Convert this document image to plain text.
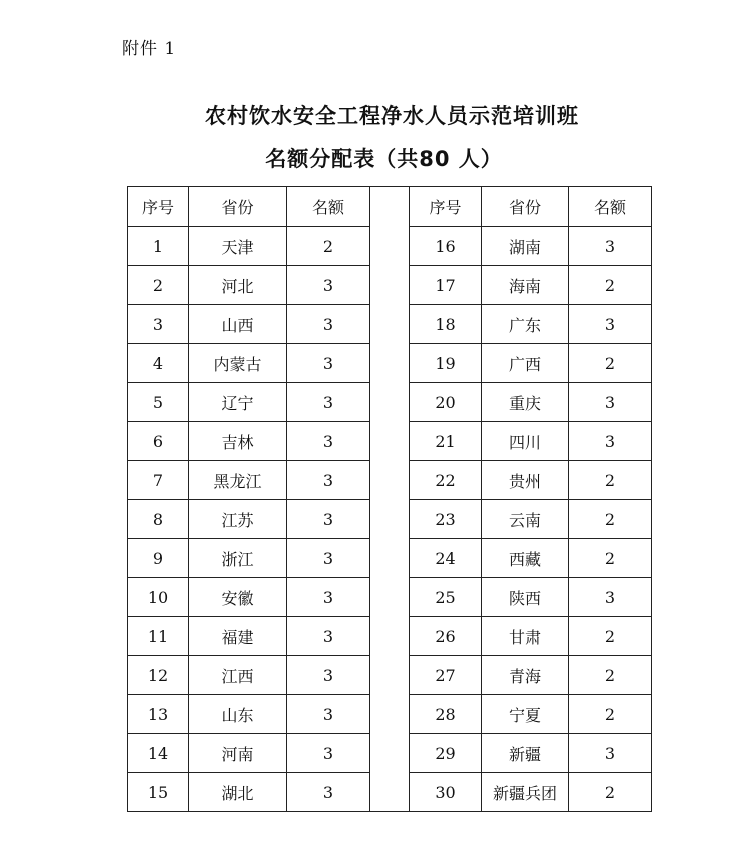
附件 1
农村饮水安全工程净水人员示范培训班
名额分配表（共80 人）
序号	省份	名额		序号	省份	名额
1	天津	2		16	湖南	3
2	河北	3		17	海南	2
3	山西	3		18	广东	3
4	内蒙古	3		19	广西	2
5	辽宁	3		20	重庆	3
6	吉林	3		21	四川	3
7	黑龙江	3		22	贵州	2
8	江苏	3		23	云南	2
9	浙江	3		24	西藏	2
10	安徽	3		25	陕西	3
11	福建	3		26	甘肃	2
12	江西	3		27	青海	2
13	山东	3		28	宁夏	2
14	河南	3		29	新疆	3
15	湖北	3		30	新疆兵团	2
